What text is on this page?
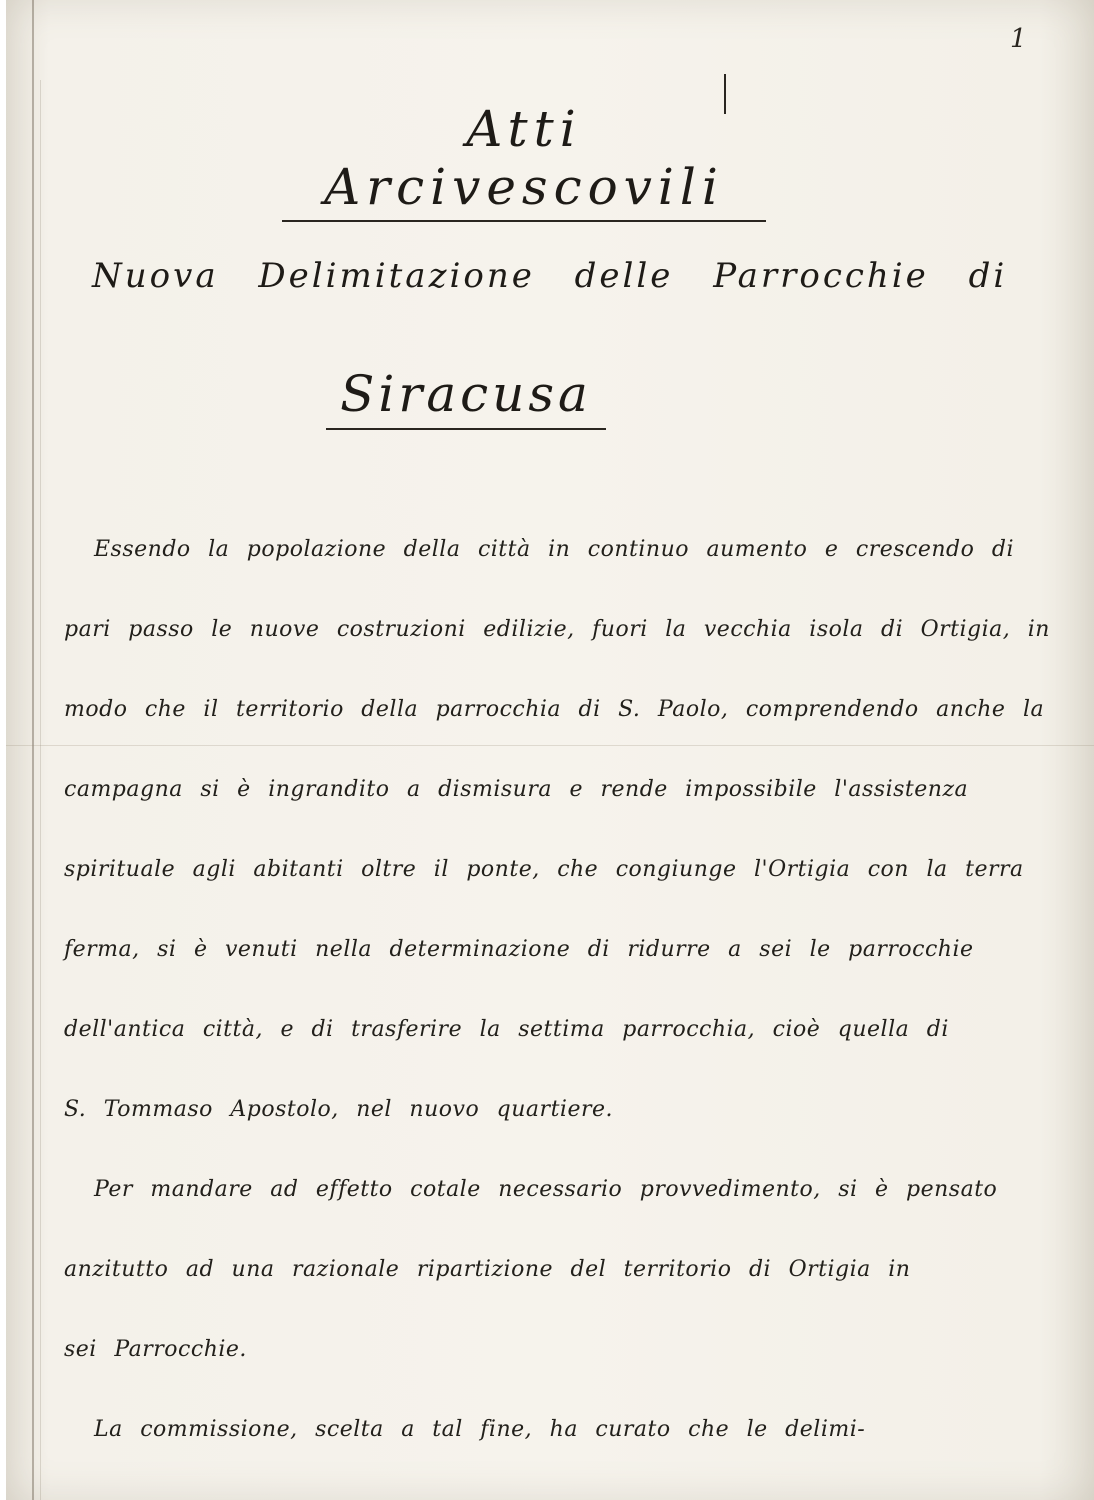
1
Atti Arcivescovili
Nuova Delimitazione delle Parrocchie di
Siracusa
Essendo la popolazione della città in continuo aumento e crescendo di
pari passo le nuove costruzioni edilizie, fuori la vecchia isola di Ortigia, in
modo che il territorio della parrocchia di S. Paolo, comprendendo anche la
campagna si è ingrandito a dismisura e rende impossibile l'assistenza
spirituale agli abitanti oltre il ponte, che congiunge l'Ortigia con la terra
ferma, si è venuti nella determinazione di ridurre a sei le parrocchie
dell'antica città, e di trasferire la settima parrocchia, cioè quella di
S. Tommaso Apostolo, nel nuovo quartiere.
Per mandare ad effetto cotale necessario provvedimento, si è pensato
anzitutto ad una razionale ripartizione del territorio di Ortigia in
sei Parrocchie.
La commissione, scelta a tal fine, ha curato che le delimi-
